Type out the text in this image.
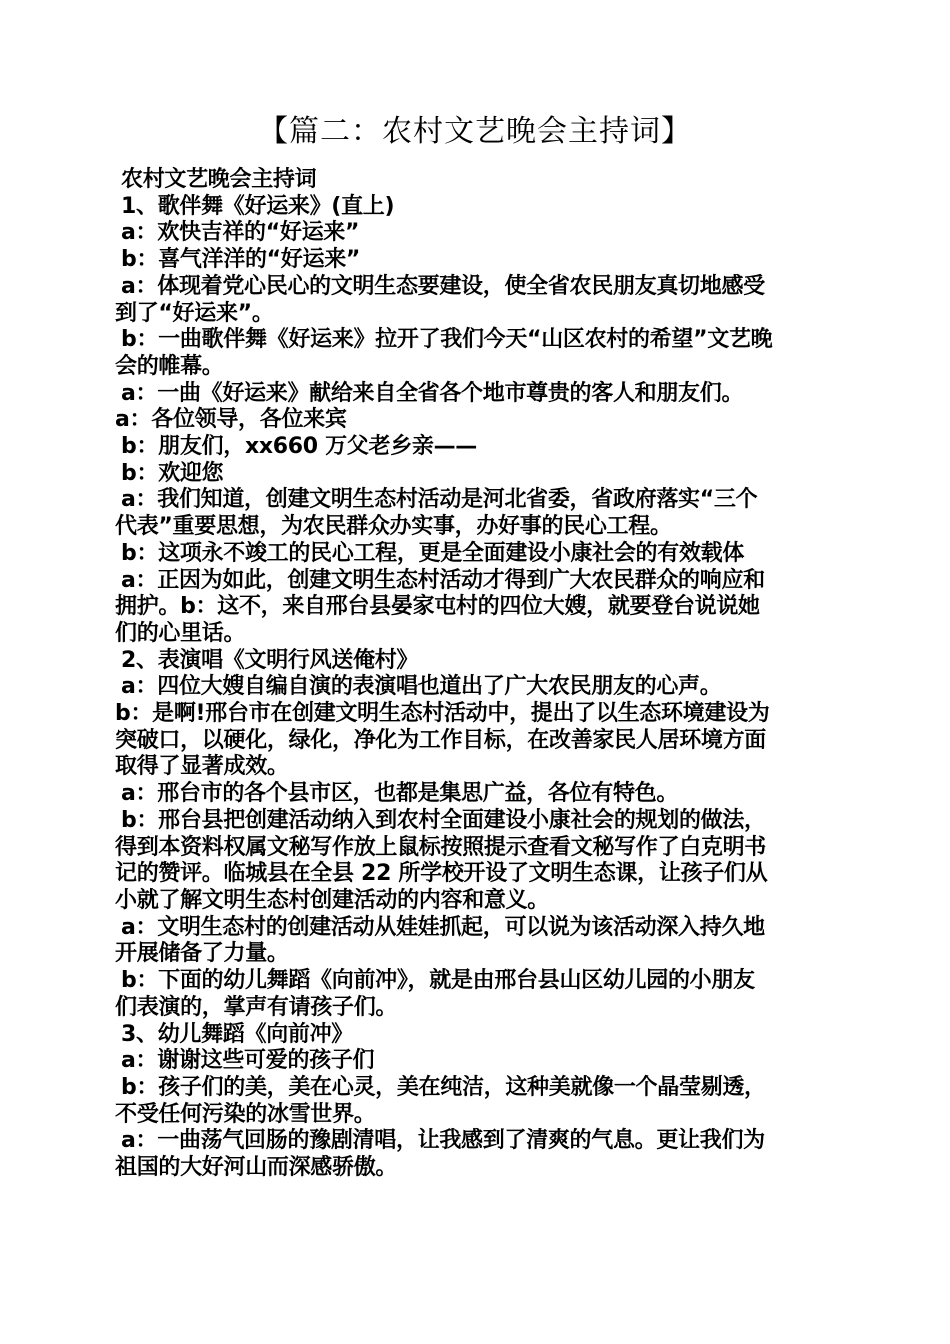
【篇二：农村文艺晚会主持词】
农村文艺晚会主持词
1、歌伴舞《好运来》(直上)
a：欢快吉祥的“好运来”
b：喜气洋洋的“好运来”
a：体现着党心民心的文明生态要建设，使全省农民朋友真切地感受
到了“好运来”。
b：一曲歌伴舞《好运来》拉开了我们今天“山区农村的希望”文艺晚
会的帷幕。
a：一曲《好运来》献给来自全省各个地市尊贵的客人和朋友们。
a：各位领导，各位来宾
b：朋友们，xx660 万父老乡亲——
b：欢迎您
a：我们知道，创建文明生态村活动是河北省委，省政府落实“三个
代表”重要思想，为农民群众办实事，办好事的民心工程。
b：这项永不竣工的民心工程，更是全面建设小康社会的有效载体
a：正因为如此，创建文明生态村活动才得到广大农民群众的响应和
拥护。b：这不，来自邢台县晏家屯村的四位大嫂，就要登台说说她
们的心里话。
2、表演唱《文明行风送俺村》
a：四位大嫂自编自演的表演唱也道出了广大农民朋友的心声。
b：是啊!邢台市在创建文明生态村活动中，提出了以生态环境建设为
突破口，以硬化，绿化，净化为工作目标，在改善家民人居环境方面
取得了显著成效。
a：邢台市的各个县市区，也都是集思广益，各位有特色。
b：邢台县把创建活动纳入到农村全面建设小康社会的规划的做法，
得到本资料权属文秘写作放上鼠标按照提示查看文秘写作了白克明书
记的赞评。临城县在全县 22 所学校开设了文明生态课，让孩子们从
小就了解文明生态村创建活动的内容和意义。
a：文明生态村的创建活动从娃娃抓起，可以说为该活动深入持久地
开展储备了力量。
b：下面的幼儿舞蹈《向前冲》，就是由邢台县山区幼儿园的小朋友
们表演的，掌声有请孩子们。
3、幼儿舞蹈《向前冲》
a：谢谢这些可爱的孩子们
b：孩子们的美，美在心灵，美在纯洁，这种美就像一个晶莹剔透，
不受任何污染的冰雪世界。
a：一曲荡气回肠的豫剧清唱，让我感到了清爽的气息。更让我们为
祖国的大好河山而深感骄傲。
